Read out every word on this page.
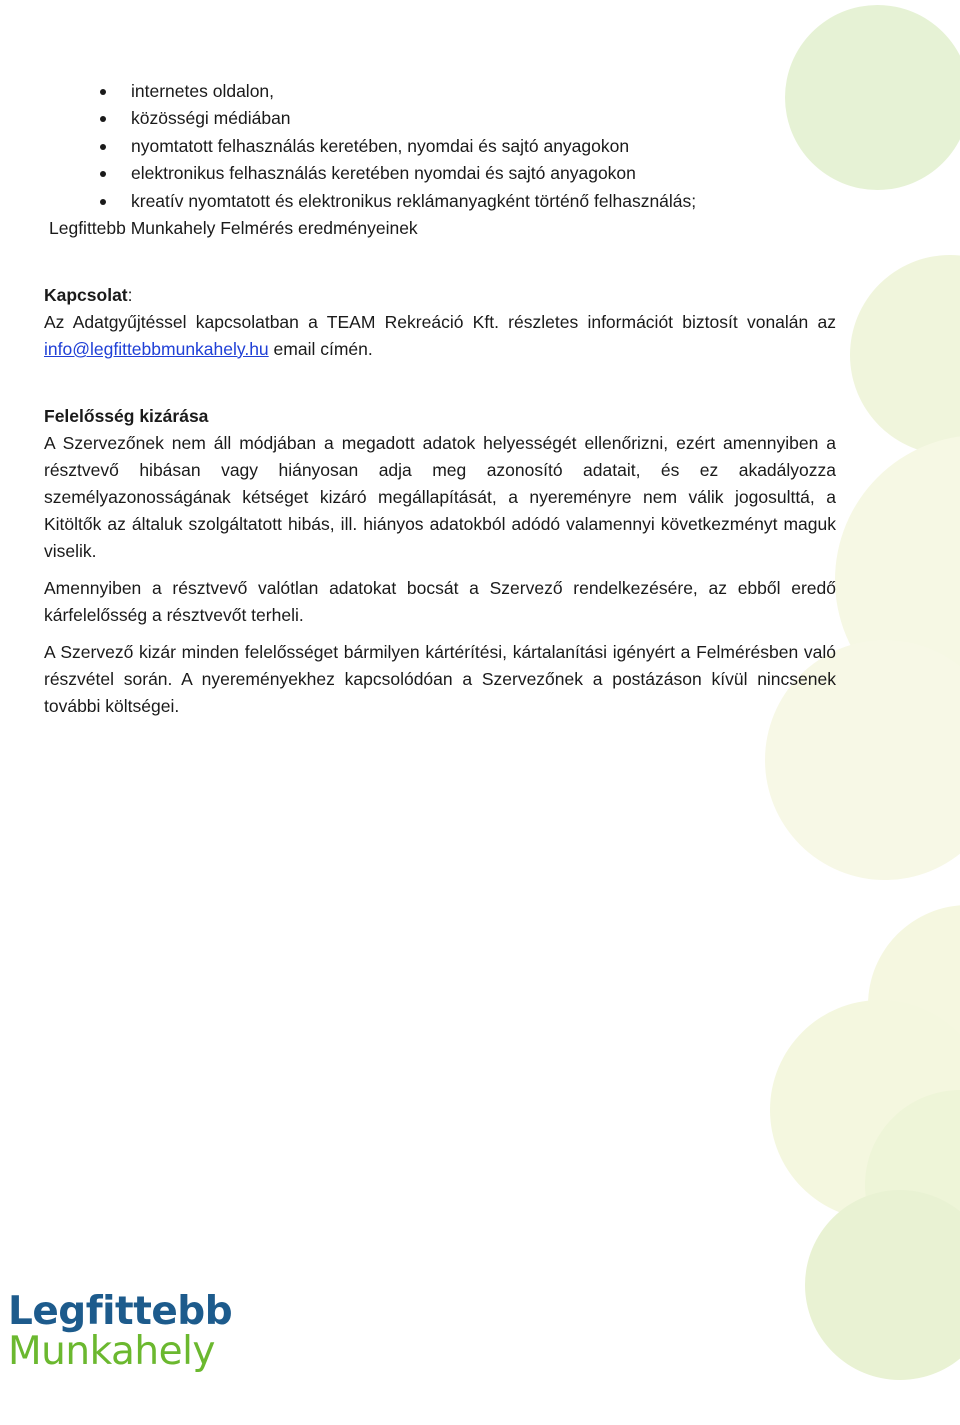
internetes oldalon,
közösségi médiában
nyomtatott felhasználás keretében, nyomdai és sajtó anyagokon
elektronikus felhasználás keretében nyomdai és sajtó anyagokon
kreatív nyomtatott és elektronikus reklámanyagként történő felhasználás;
Legfittebb Munkahely Felmérés eredményeinek
Kapcsolat:

Az Adatgyűjtéssel kapcsolatban a TEAM Rekreáció Kft. részletes információt biztosít vonalán az info@legfittebbmunkahely.hu email címén.

Felelősség kizárása

A Szervezőnek nem áll módjában a megadott adatok helyességét ellenőrizni, ezért amennyiben a résztvevő hibásan vagy hiányosan adja meg azonosító adatait, és ez akadályozza személyazonosságának kétséget kizáró megállapítását, a nyereményre nem válik jogosulttá, a Kitöltők az általuk szolgáltatott hibás, ill. hiányos adatokból adódó valamennyi következményt maguk viselik.

Amennyiben a résztvevő valótlan adatokat bocsát a Szervező rendelkezésére, az ebből eredő kárfelelősség a résztvevőt terheli.

A Szervező kizár minden felelősséget bármilyen kártérítési, kártalanítási igényért a Felmérésben való részvétel során. A nyereményekhez kapcsolódóan a Szervezőnek a postázáson kívül nincsenek további költségei.

Legfittebb
Munkahely
